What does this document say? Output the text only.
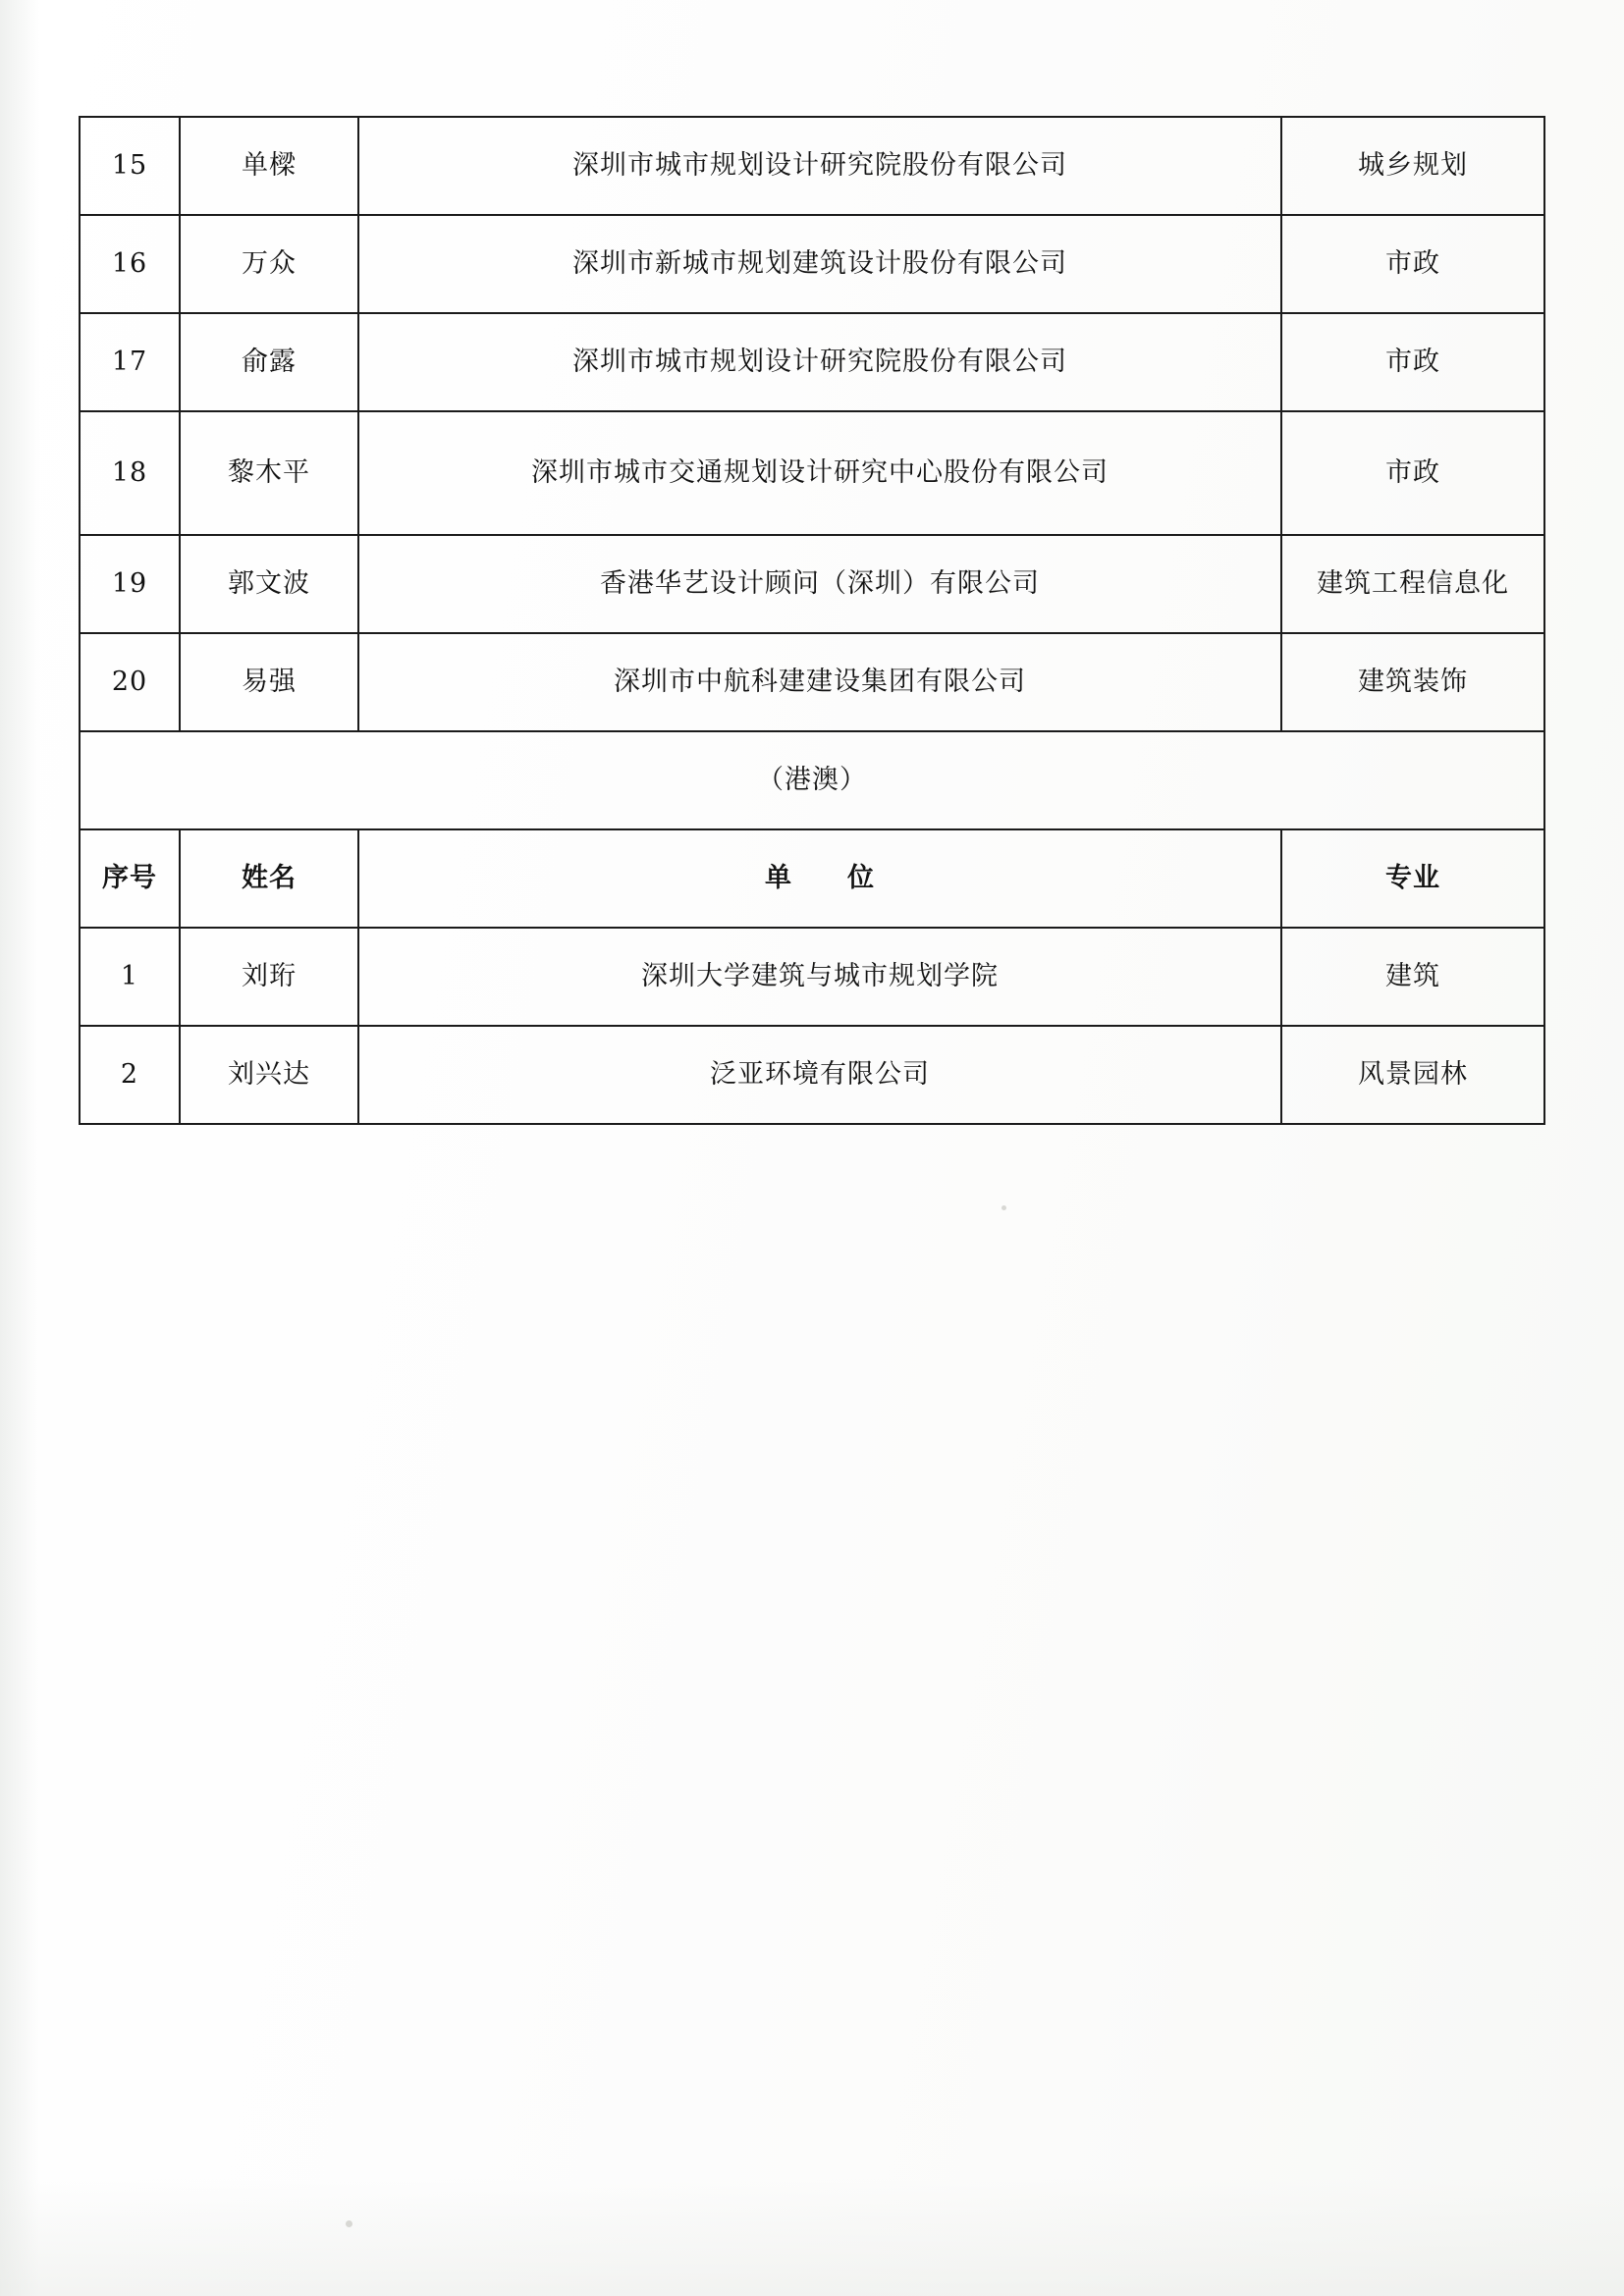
15	单樑	深圳市城市规划设计研究院股份有限公司	城乡规划
16	万众	深圳市新城市规划建筑设计股份有限公司	市政
17	俞露	深圳市城市规划设计研究院股份有限公司	市政
18	黎木平	深圳市城市交通规划设计研究中心股份有限公司	市政
19	郭文波	香港华艺设计顾问（深圳）有限公司	建筑工程信息化
20	易强	深圳市中航科建建设集团有限公司	建筑装饰
（港澳）			
序号	姓名	单　　位	专业
1	刘珩	深圳大学建筑与城市规划学院	建筑
2	刘兴达	泛亚环境有限公司	风景园林
